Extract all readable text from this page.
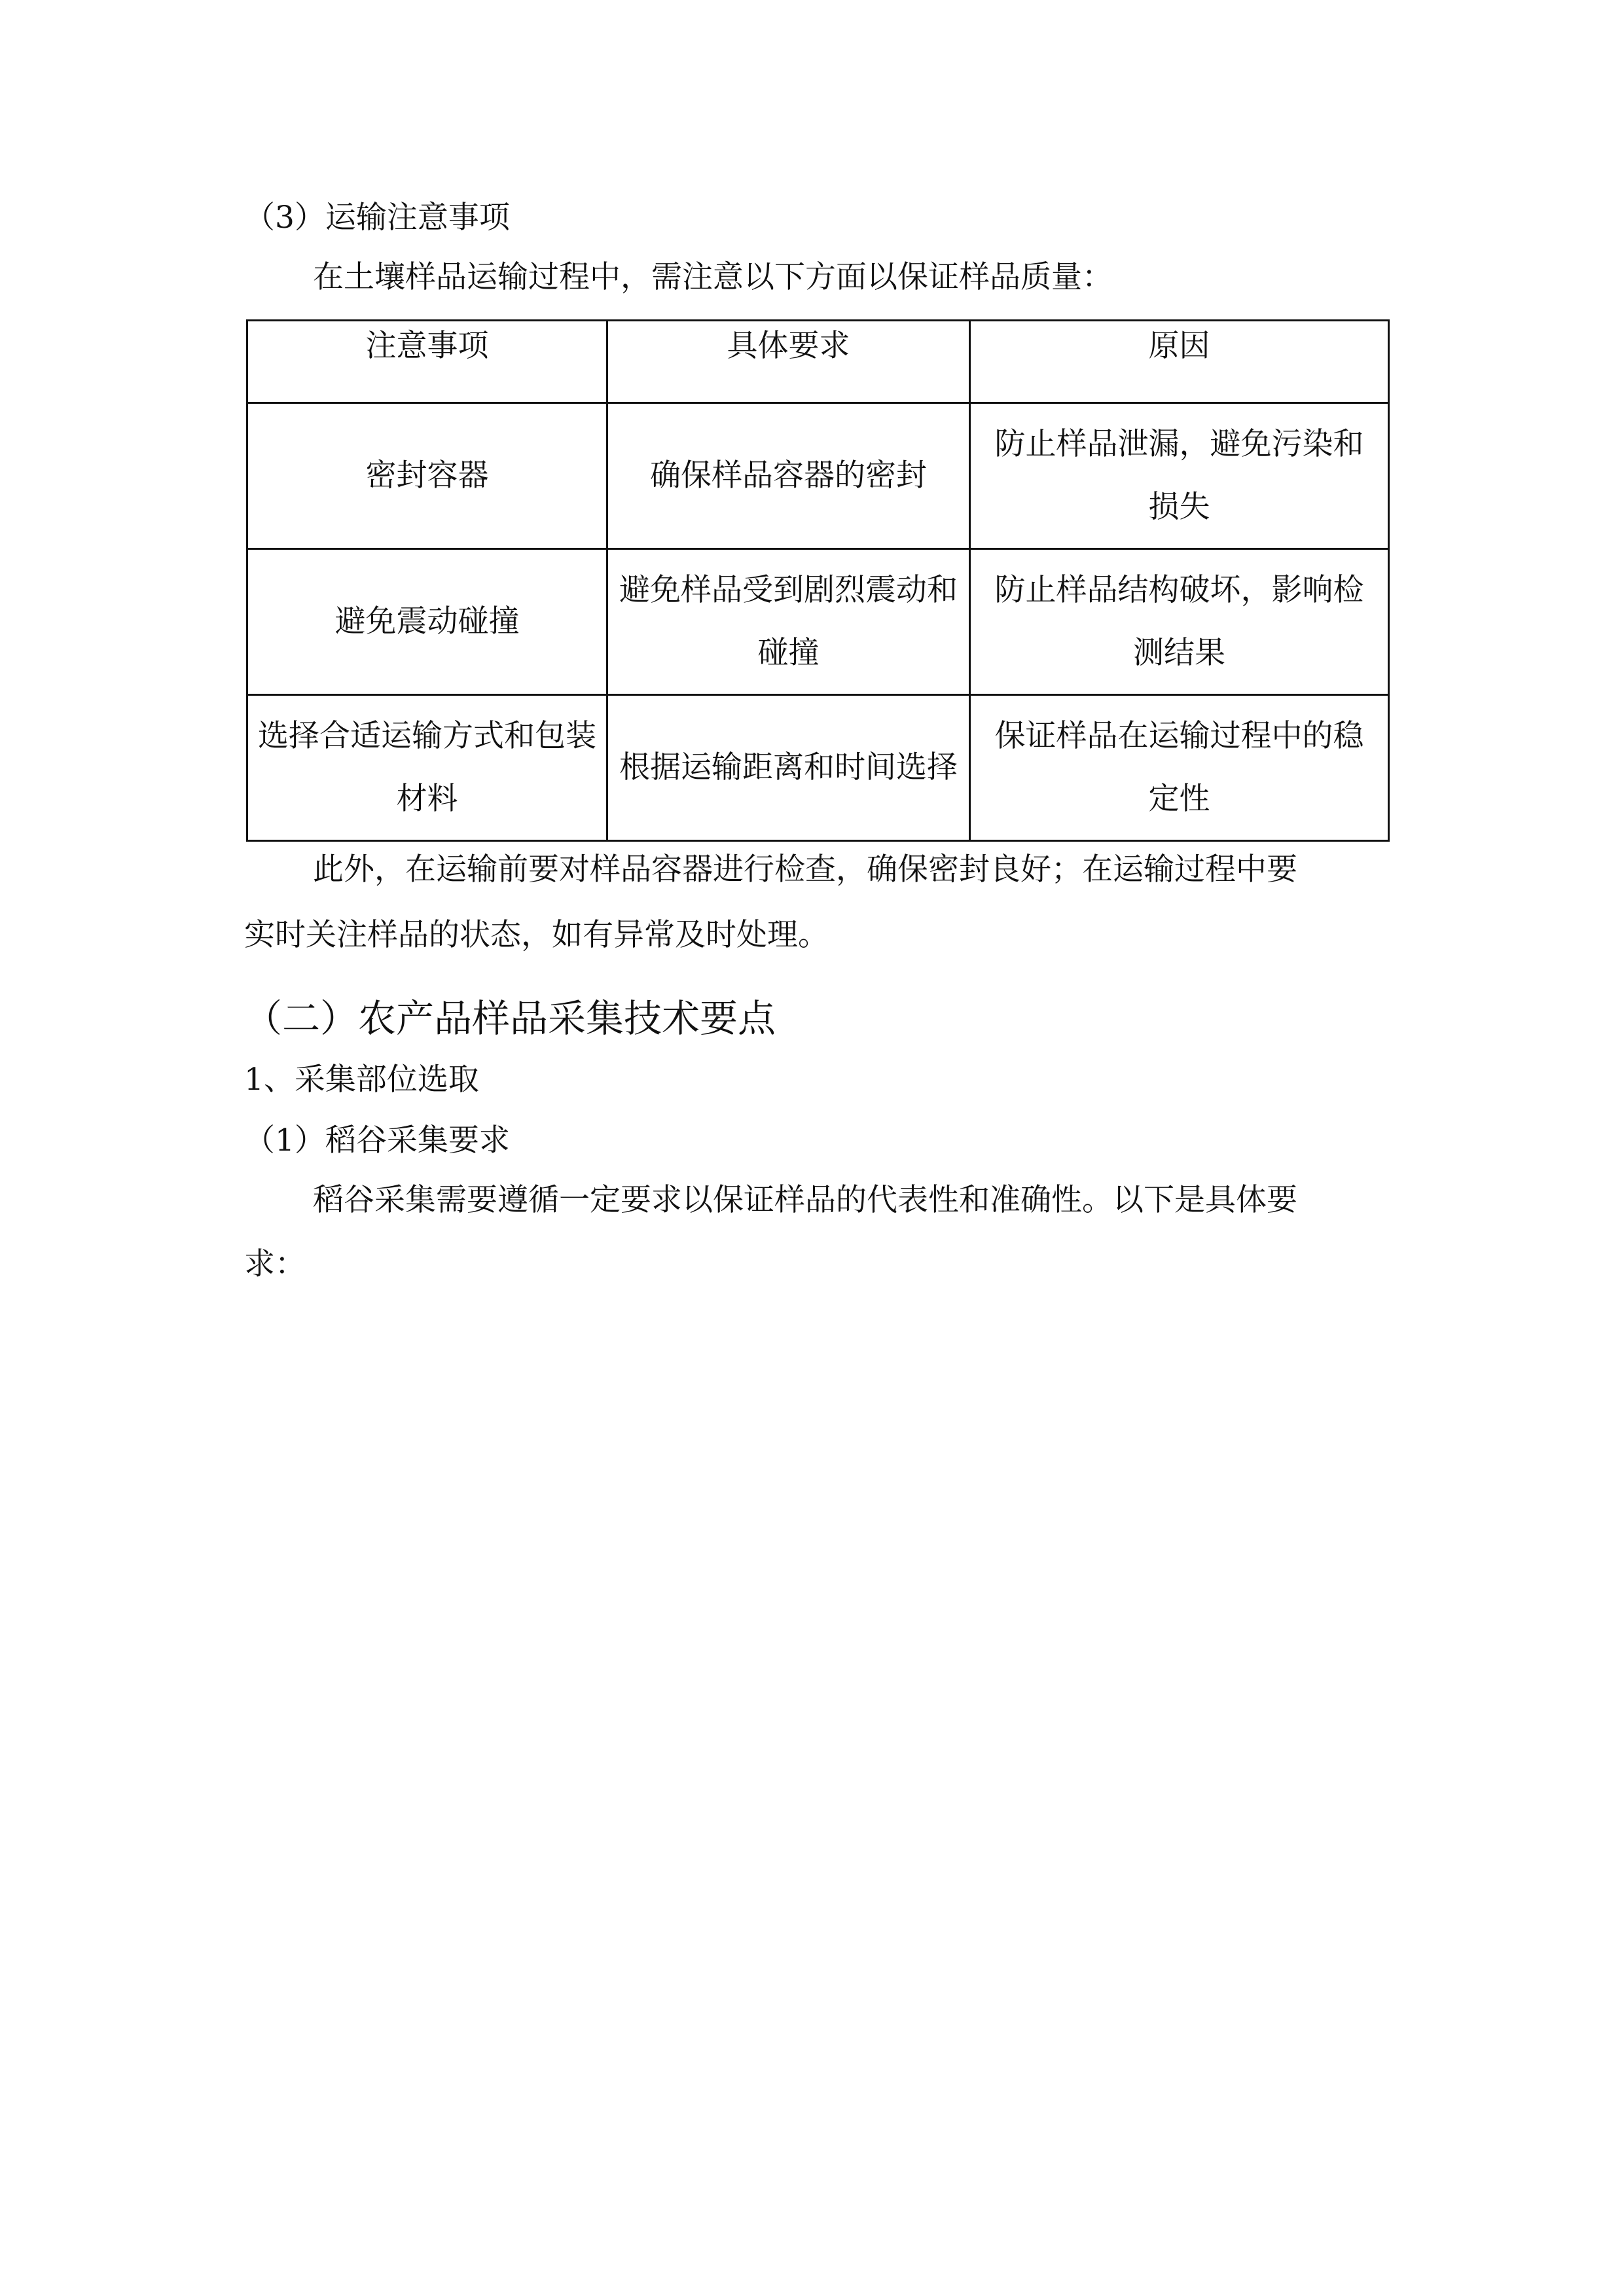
（3）运输注意事项

在土壤样品运输过程中，需注意以下方面以保证样品质量：

注意事项	具体要求	原因
密封容器	确保样品容器的密封	防止样品泄漏，避免污染和损失
避免震动碰撞	避免样品受到剧烈震动和碰撞	防止样品结构破坏，影响检测结果
选择合适运输方式和包装材料	根据运输距离和时间选择	保证样品在运输过程中的稳定性

此外，在运输前要对样品容器进行检查，确保密封良好；在运输过程中要

实时关注样品的状态，如有异常及时处理。

（二）农产品样品采集技术要点

1、采集部位选取

（1）稻谷采集要求

稻谷采集需要遵循一定要求以保证样品的代表性和准确性。以下是具体要

求：
